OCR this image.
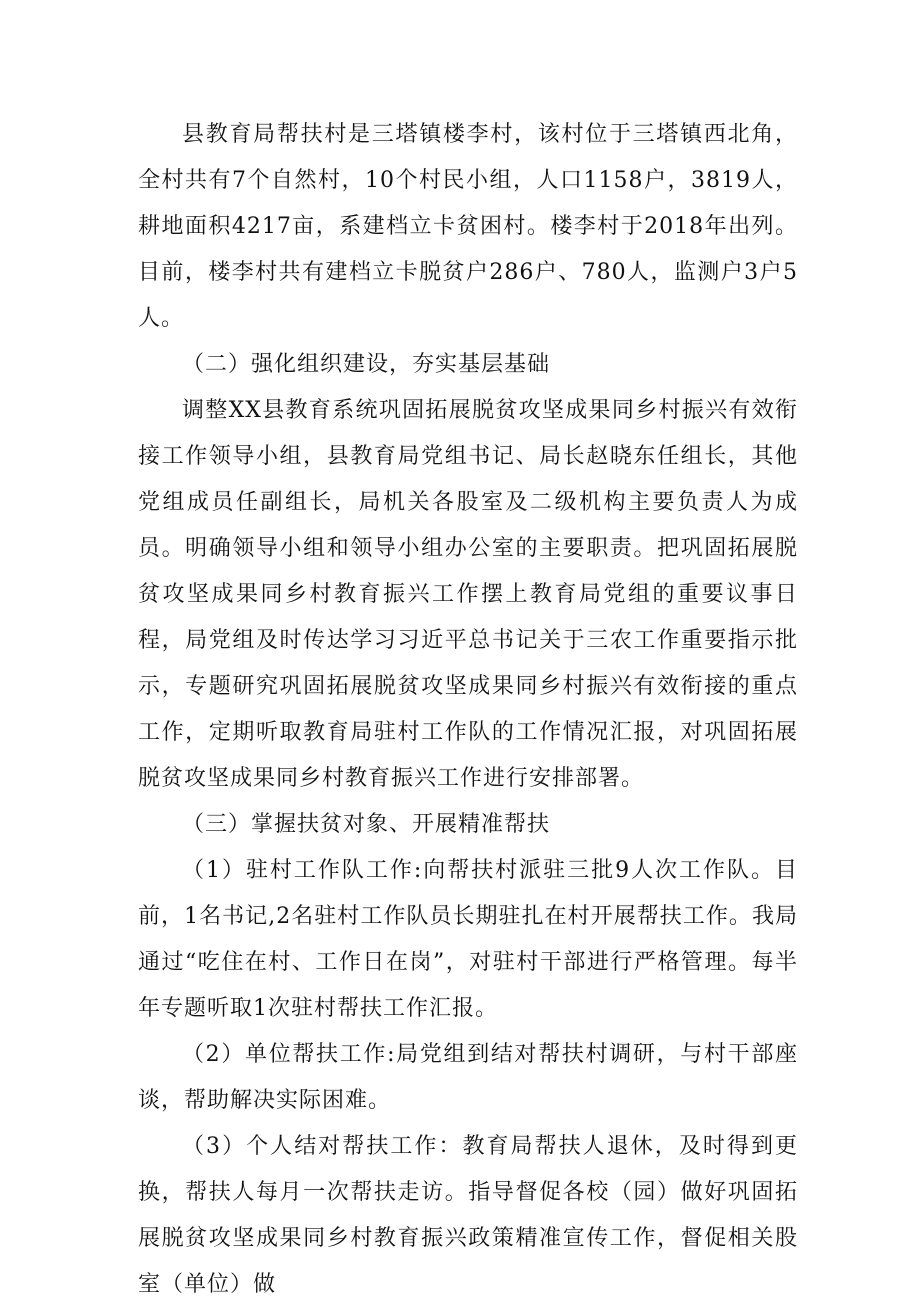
县教育局帮扶村是三塔镇楼李村，该村位于三塔镇西北角，全村共有7个自然村，10个村民小组，人口1158户，3819人，耕地面积4217亩，系建档立卡贫困村。楼李村于2018年出列。目前，楼李村共有建档立卡脱贫户286户、780人，监测户3户5人。

（二）强化组织建设，夯实基层基础

调整XX县教育系统巩固拓展脱贫攻坚成果同乡村振兴有效衔接工作领导小组，县教育局党组书记、局长赵晓东任组长，其他党组成员任副组长，局机关各股室及二级机构主要负责人为成员。明确领导小组和领导小组办公室的主要职责。把巩固拓展脱贫攻坚成果同乡村教育振兴工作摆上教育局党组的重要议事日程，局党组及时传达学习习近平总书记关于三农工作重要指示批示，专题研究巩固拓展脱贫攻坚成果同乡村振兴有效衔接的重点工作，定期听取教育局驻村工作队的工作情况汇报，对巩固拓展脱贫攻坚成果同乡村教育振兴工作进行安排部署。

（三）掌握扶贫对象、开展精准帮扶

（1）驻村工作队工作:向帮扶村派驻三批9人次工作队。目前，1名书记,2名驻村工作队员长期驻扎在村开展帮扶工作。我局通过“吃住在村、工作日在岗”，对驻村干部进行严格管理。每半年专题听取1次驻村帮扶工作汇报。

（2）单位帮扶工作:局党组到结对帮扶村调研，与村干部座谈，帮助解决实际困难。

（3）个人结对帮扶工作：教育局帮扶人退休，及时得到更换，帮扶人每月一次帮扶走访。指导督促各校（园）做好巩固拓展脱贫攻坚成果同乡村教育振兴政策精准宣传工作，督促相关股室（单位）做
